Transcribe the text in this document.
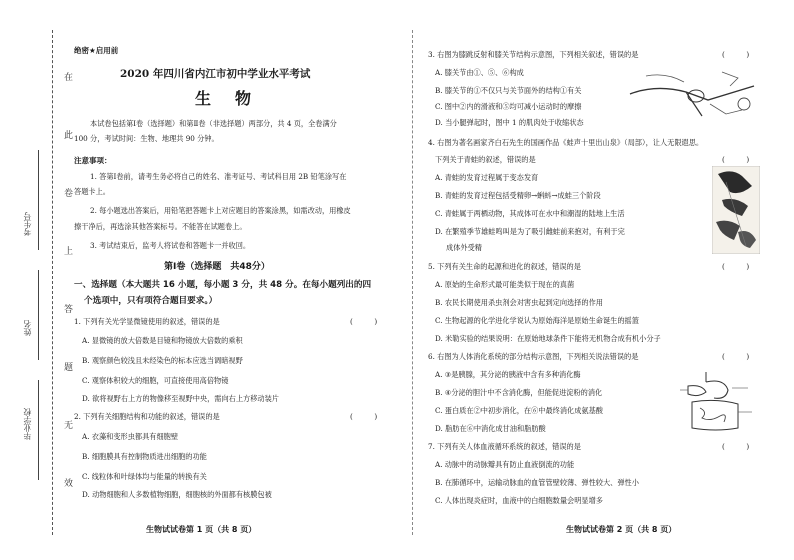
在
此
卷
上
答
题
无
效
考生号
姓名
毕业学校
绝密★启用前
2020 年四川省内江市初中学业水平考试
生　物
本试卷包括第Ⅰ卷（选择题）和第Ⅱ卷（非选择题）两部分，共 4 页，全卷满分
100 分，考试时间：生物、地理共 90 分钟。
注意事项：
1. 答第Ⅰ卷前，请考生务必将自己的姓名、准考证号、考试科目用 2B 铅笔涂写在
答题卡上。
2. 每小题选出答案后，用铅笔把答题卡上对应题目的答案涂黑，如需改动，用橡皮
擦干净后，再选涂其他答案标号。不能答在试题卷上。
3. 考试结束后，监考人将试卷和答题卡一并收回。
第Ⅰ卷（选择题　共48分）
一、选择题（本大题共 16 小题，每小题 3 分，共 48 分。在每小题列出的四
个选项中，只有项符合题目要求。）
1. 下列有关光学显微镜使用的叙述，错误的是	(　　　)
A. 显微镜的放大倍数是目镜和物镜放大倍数的乘积
B. 观察颜色较浅且未经染色的标本应选当调暗视野
C. 观察体积较大的细胞，可直接使用高倍物镜
D. 欲将视野右上方的物像移至视野中央，需向右上方移动装片
2. 下列有关细胞结构和功能的叙述，错误的是	(　　　)
A. 衣藻和变形虫都具有细胞壁
B. 细胞膜具有控制物质进出细胞的功能
C. 线粒体和叶绿体均与能量的转换有关
D. 动物细胞和人多数植物细胞，细胞核的外面都有核膜包被
生物试试卷第 1 页（共 8 页）
3. 右图为膝跳反射和膝关节结构示意图，下列相关叙述，错误的是	(　　　)
A. 膝关节由①、⑤、⑥构成
B. 膝关节的①不仅只与关节面外的结构①有关
C. 图中②内的滑液和⑤均可减小运动时的摩擦
D. 当小腿弹起时，图中 1 的肌肉处于收缩状态
4. 右图为著名画家齐白石先生的国画作品《蛙声十里出山泉》（局部），让人无限遐思。
下列关于青蛙的叙述，错误的是	(　　　)
A. 青蛙的发育过程属于变态发育
B. 青蛙的发育过程包括受精卵→蝌蚪→成蛙三个阶段
C. 青蛙属于两栖动物，其成体可在水中和潮湿的陆地上生活
D. 在繁殖季节雄蛙鸣叫是为了吸引雌蛙前来抱对，有利于完
成体外受精
5. 下列有关生命的起源和进化的叙述，错误的是	(　　　)
A. 原始的生命形式最可能类似于现在的真菌
B. 农民长期使用杀虫剂会对害虫起到定向选择的作用
C. 生物起源的化学进化学说认为原始海洋是原始生命诞生的摇篮
D. 米勒实验的结果说明：在原始地球条件下能将无机物合成有机小分子
6. 右图为人体消化系统的部分结构示意图，下列相关说法错误的是	(　　　)
A. ③是胰腺，其分泌的胰液中含有多种消化酶
B. ④分泌的胆汁中不含消化酶，但能促进淀粉的消化
C. 蛋白质在②中初步消化，在⑥中最终消化成氨基酸
D. 脂肪在⑥中消化成甘油和脂肪酸
7. 下列有关人体血液循环系统的叙述，错误的是	(　　　)
A. 动脉中的动脉瓣具有防止血液倒流的功能
B. 在肺循环中，运输动脉血的血管管壁较薄、弹性较大、弹性小
C. 人体出现炎症时，血液中的白细胞数量会明显增多
生物试试卷第 2 页（共 8 页）
